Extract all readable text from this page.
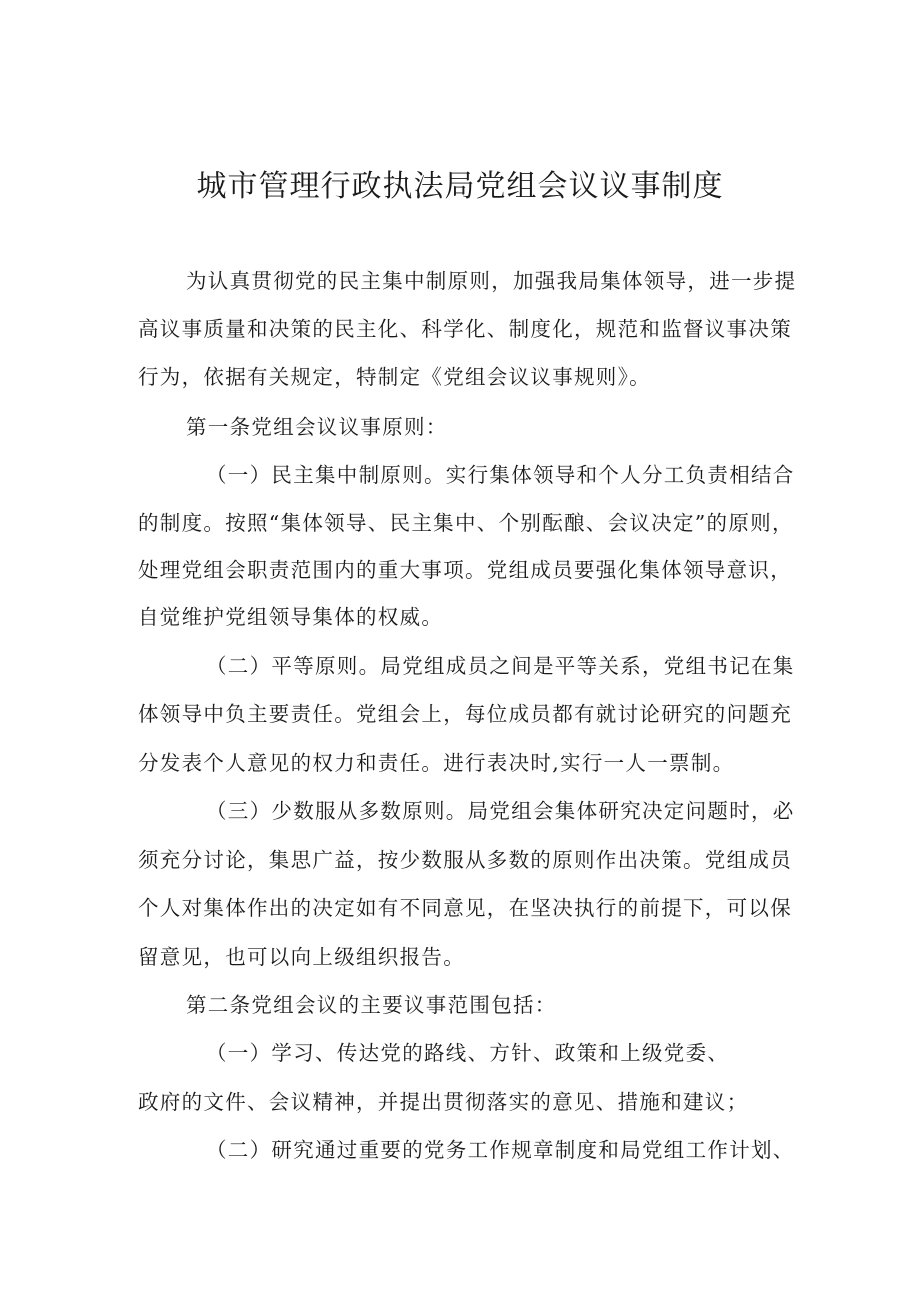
城市管理行政执法局党组会议议事制度
为认真贯彻党的民主集中制原则，加强我局集体领导，进一步提
高议事质量和决策的民主化、科学化、制度化，规范和监督议事决策
行为，依据有关规定，特制定《党组会议议事规则》。
第一条党组会议议事原则：
（一）民主集中制原则。实行集体领导和个人分工负责相结合
的制度。按照“集体领导、民主集中、个别酝酿、会议决定”的原则，
处理党组会职责范围内的重大事项。党组成员要强化集体领导意识，
自觉维护党组领导集体的权威。
（二）平等原则。局党组成员之间是平等关系，党组书记在集
体领导中负主要责任。党组会上，每位成员都有就讨论研究的问题充
分发表个人意见的权力和责任。进行表决时,实行一人一票制。
（三）少数服从多数原则。局党组会集体研究决定问题时，必
须充分讨论，集思广益，按少数服从多数的原则作出决策。党组成员
个人对集体作出的决定如有不同意见，在坚决执行的前提下，可以保
留意见，也可以向上级组织报告。
第二条党组会议的主要议事范围包括：
（一）学习、传达党的路线、方针、政策和上级党委、
政府的文件、会议精神，并提出贯彻落实的意见、措施和建议；
（二）研究通过重要的党务工作规章制度和局党组工作计划、
